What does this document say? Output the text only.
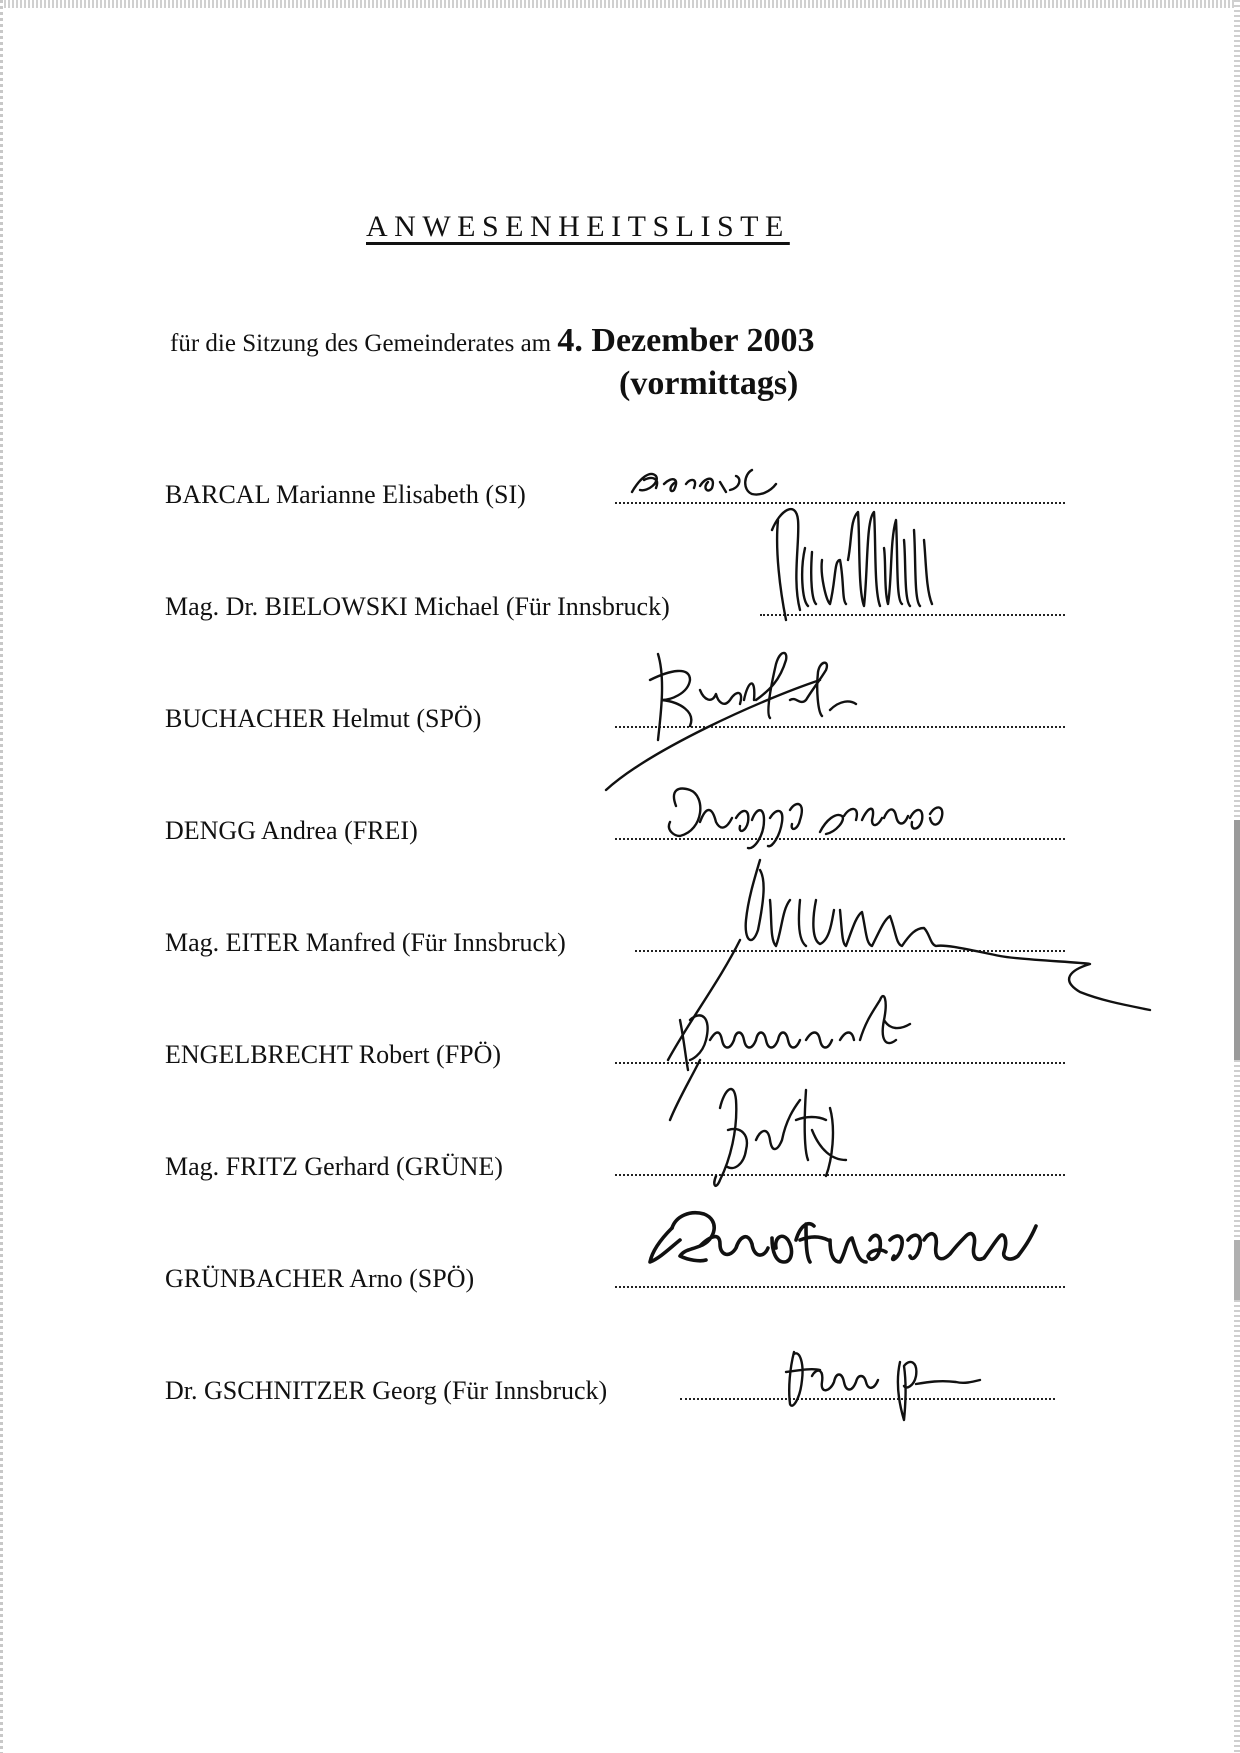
ANWESENHEITSLISTE
für die Sitzung des Gemeinderates am 4. Dezember 2003
(vormittags)
BARCAL Marianne Elisabeth (SI)
Mag. Dr. BIELOWSKI Michael (Für Innsbruck)
BUCHACHER Helmut (SPÖ)
DENGG Andrea (FREI)
Mag. EITER Manfred (Für Innsbruck)
ENGELBRECHT Robert (FPÖ)
Mag. FRITZ Gerhard (GRÜNE)
GRÜNBACHER Arno (SPÖ)
Dr. GSCHNITZER Georg (Für Innsbruck)
